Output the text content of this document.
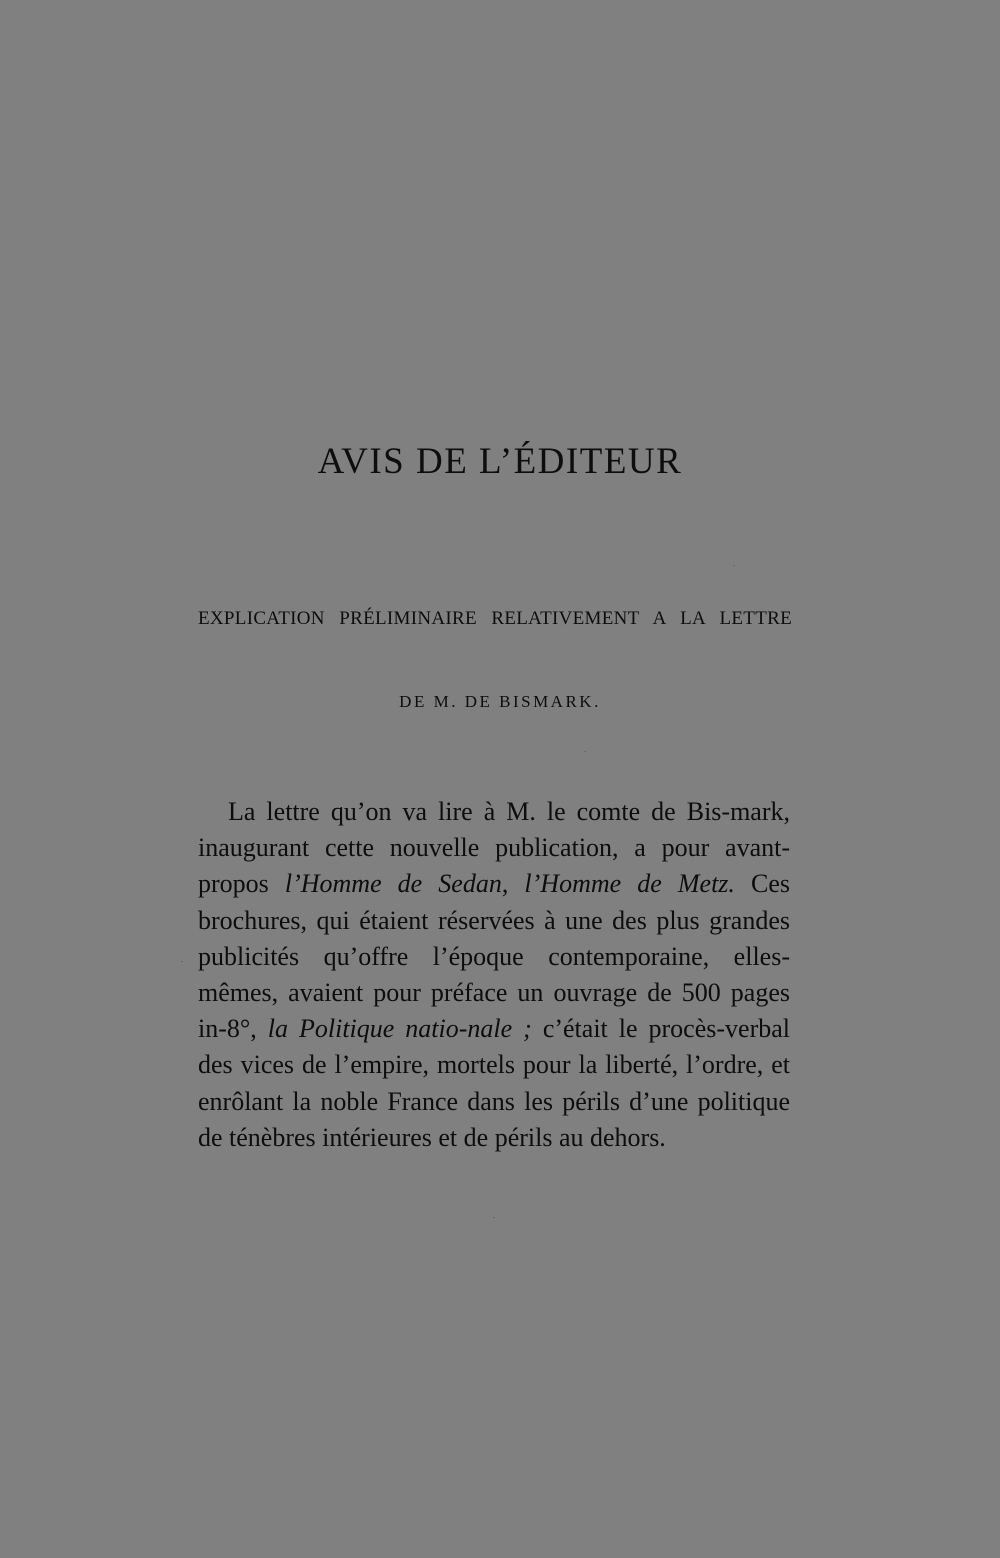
AVIS DE L’ÉDITEUR

EXPLICATION PRÉLIMINAIRE RELATIVEMENT A LA LETTRE

DE M. DE BISMARK.

La lettre qu’on va lire à M. le comte de Bis-mark, inaugurant cette nouvelle publication, a pour avant-propos l’Homme de Sedan, l’Homme de Metz. Ces brochures, qui étaient réservées à une des plus grandes publicités qu’offre l’époque contemporaine, elles-mêmes, avaient pour préface un ouvrage de 500 pages in-8°, la Politique natio-nale ; c’était le procès-verbal des vices de l’empire, mortels pour la liberté, l’ordre, et enrôlant la noble France dans les périls d’une politique de ténèbres intérieures et de périls au dehors.
